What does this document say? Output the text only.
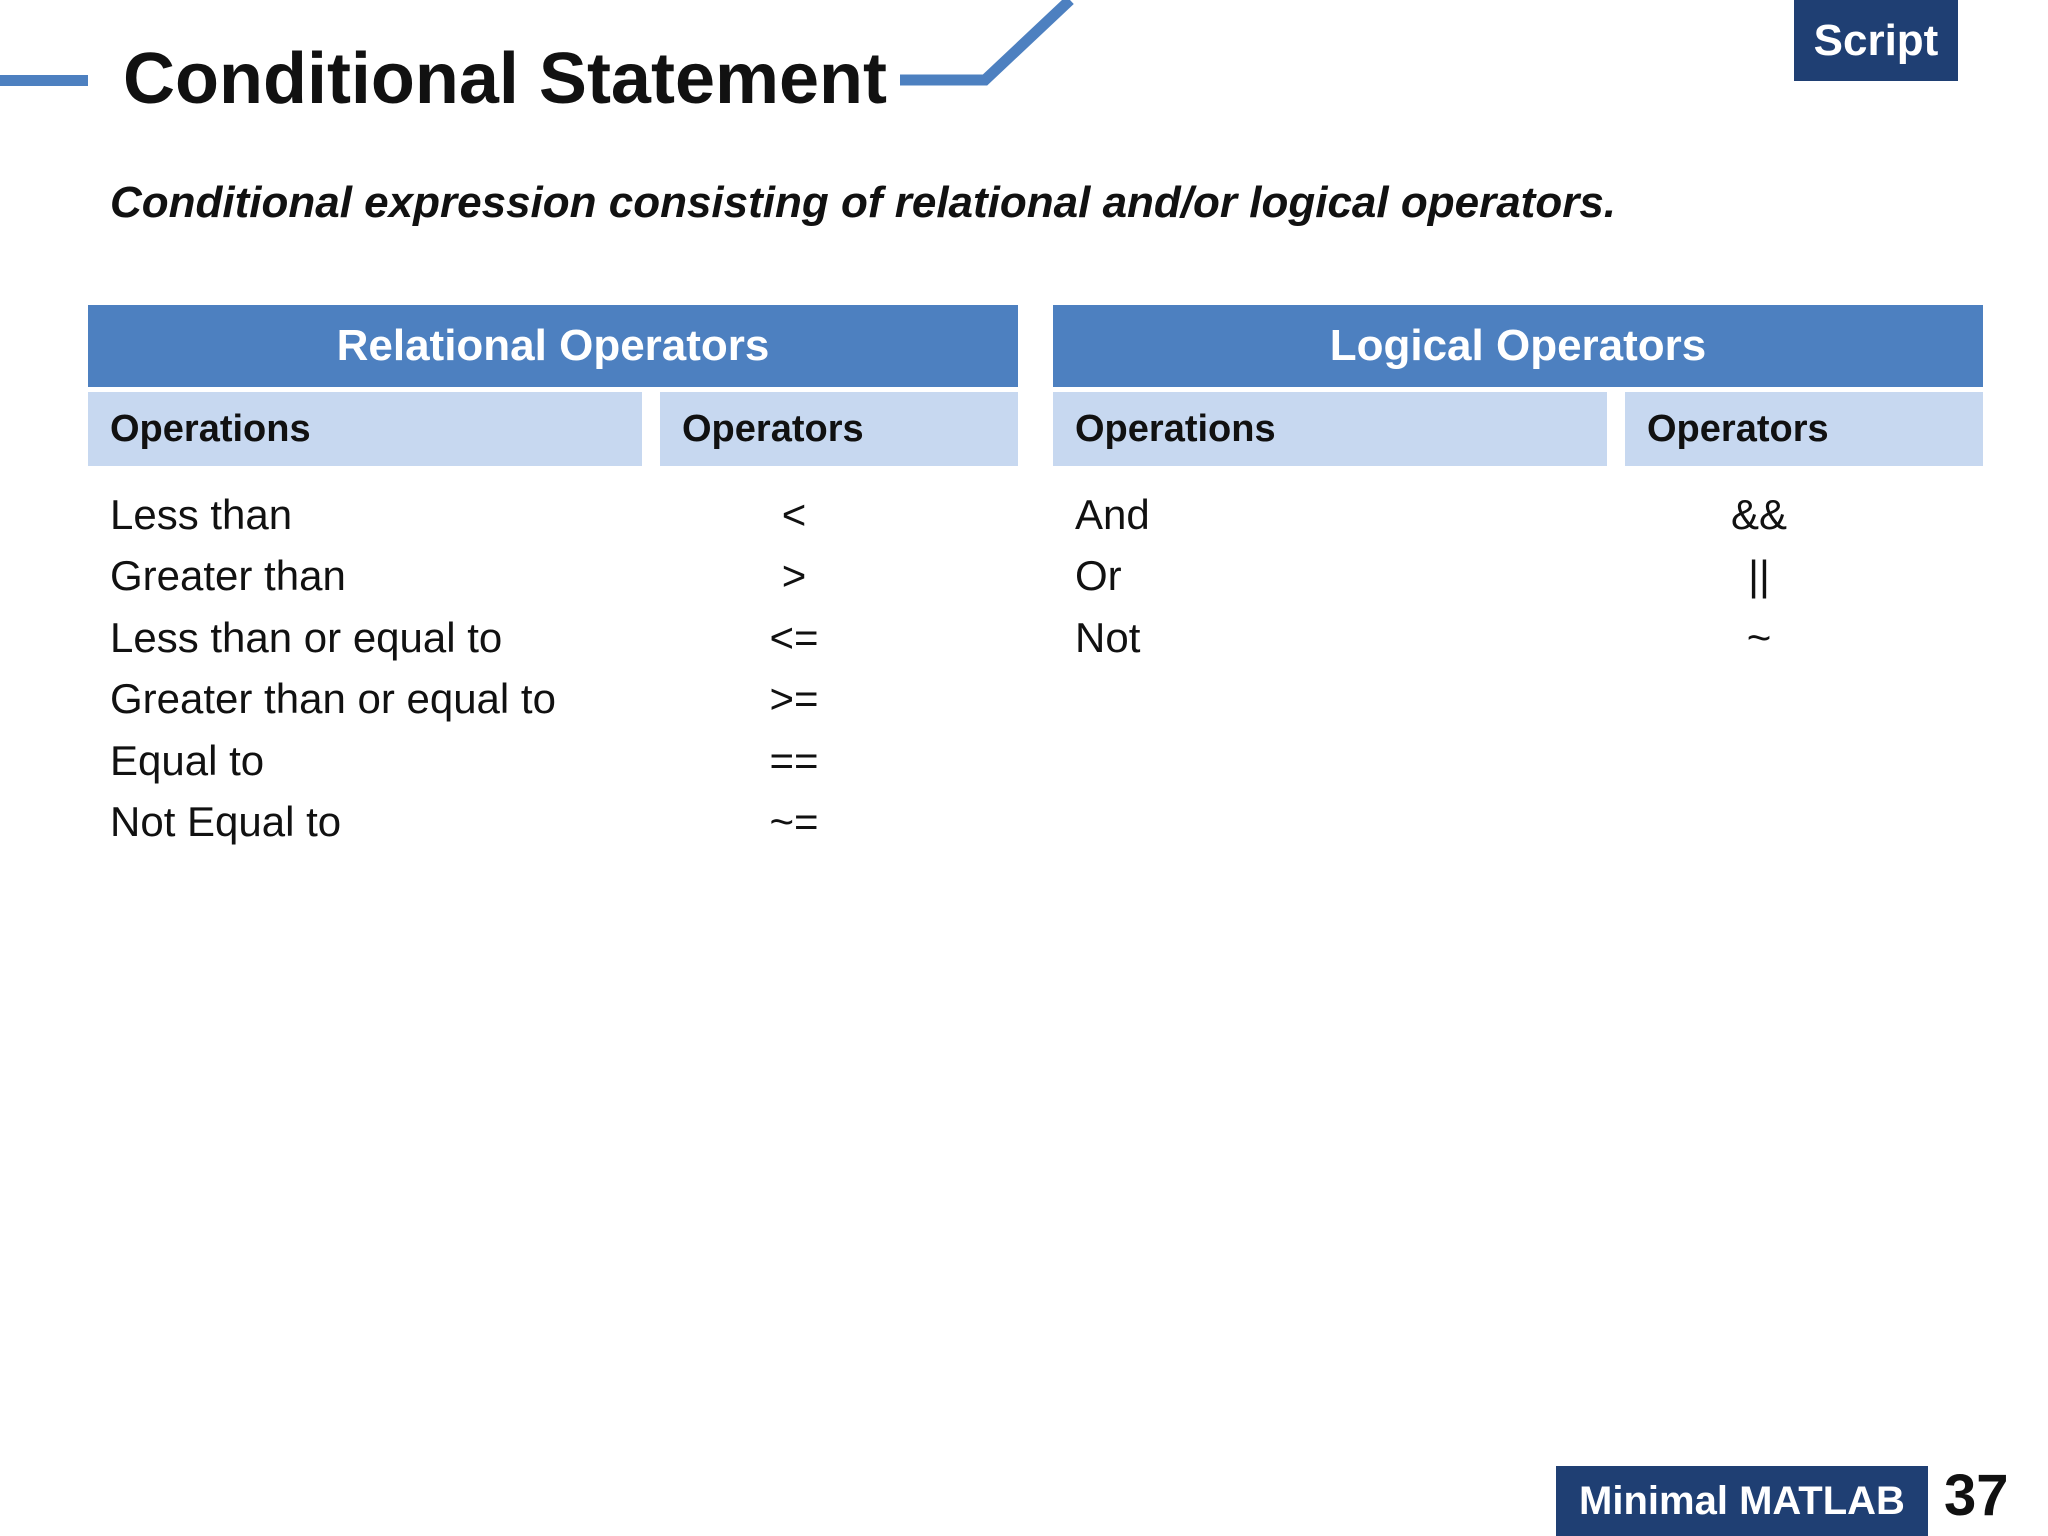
Conditional Statement	Script
Conditional expression consisting of relational and/or logical operators.
Relational Operators
Operations	Operators
Less than	<
Greater than	>
Less than or equal to	<=
Greater than or equal to	>=
Equal to	==
Not Equal to	~=
Logical Operators
Operations	Operators
And	&&
Or	||
Not	~
Minimal MATLAB 37
